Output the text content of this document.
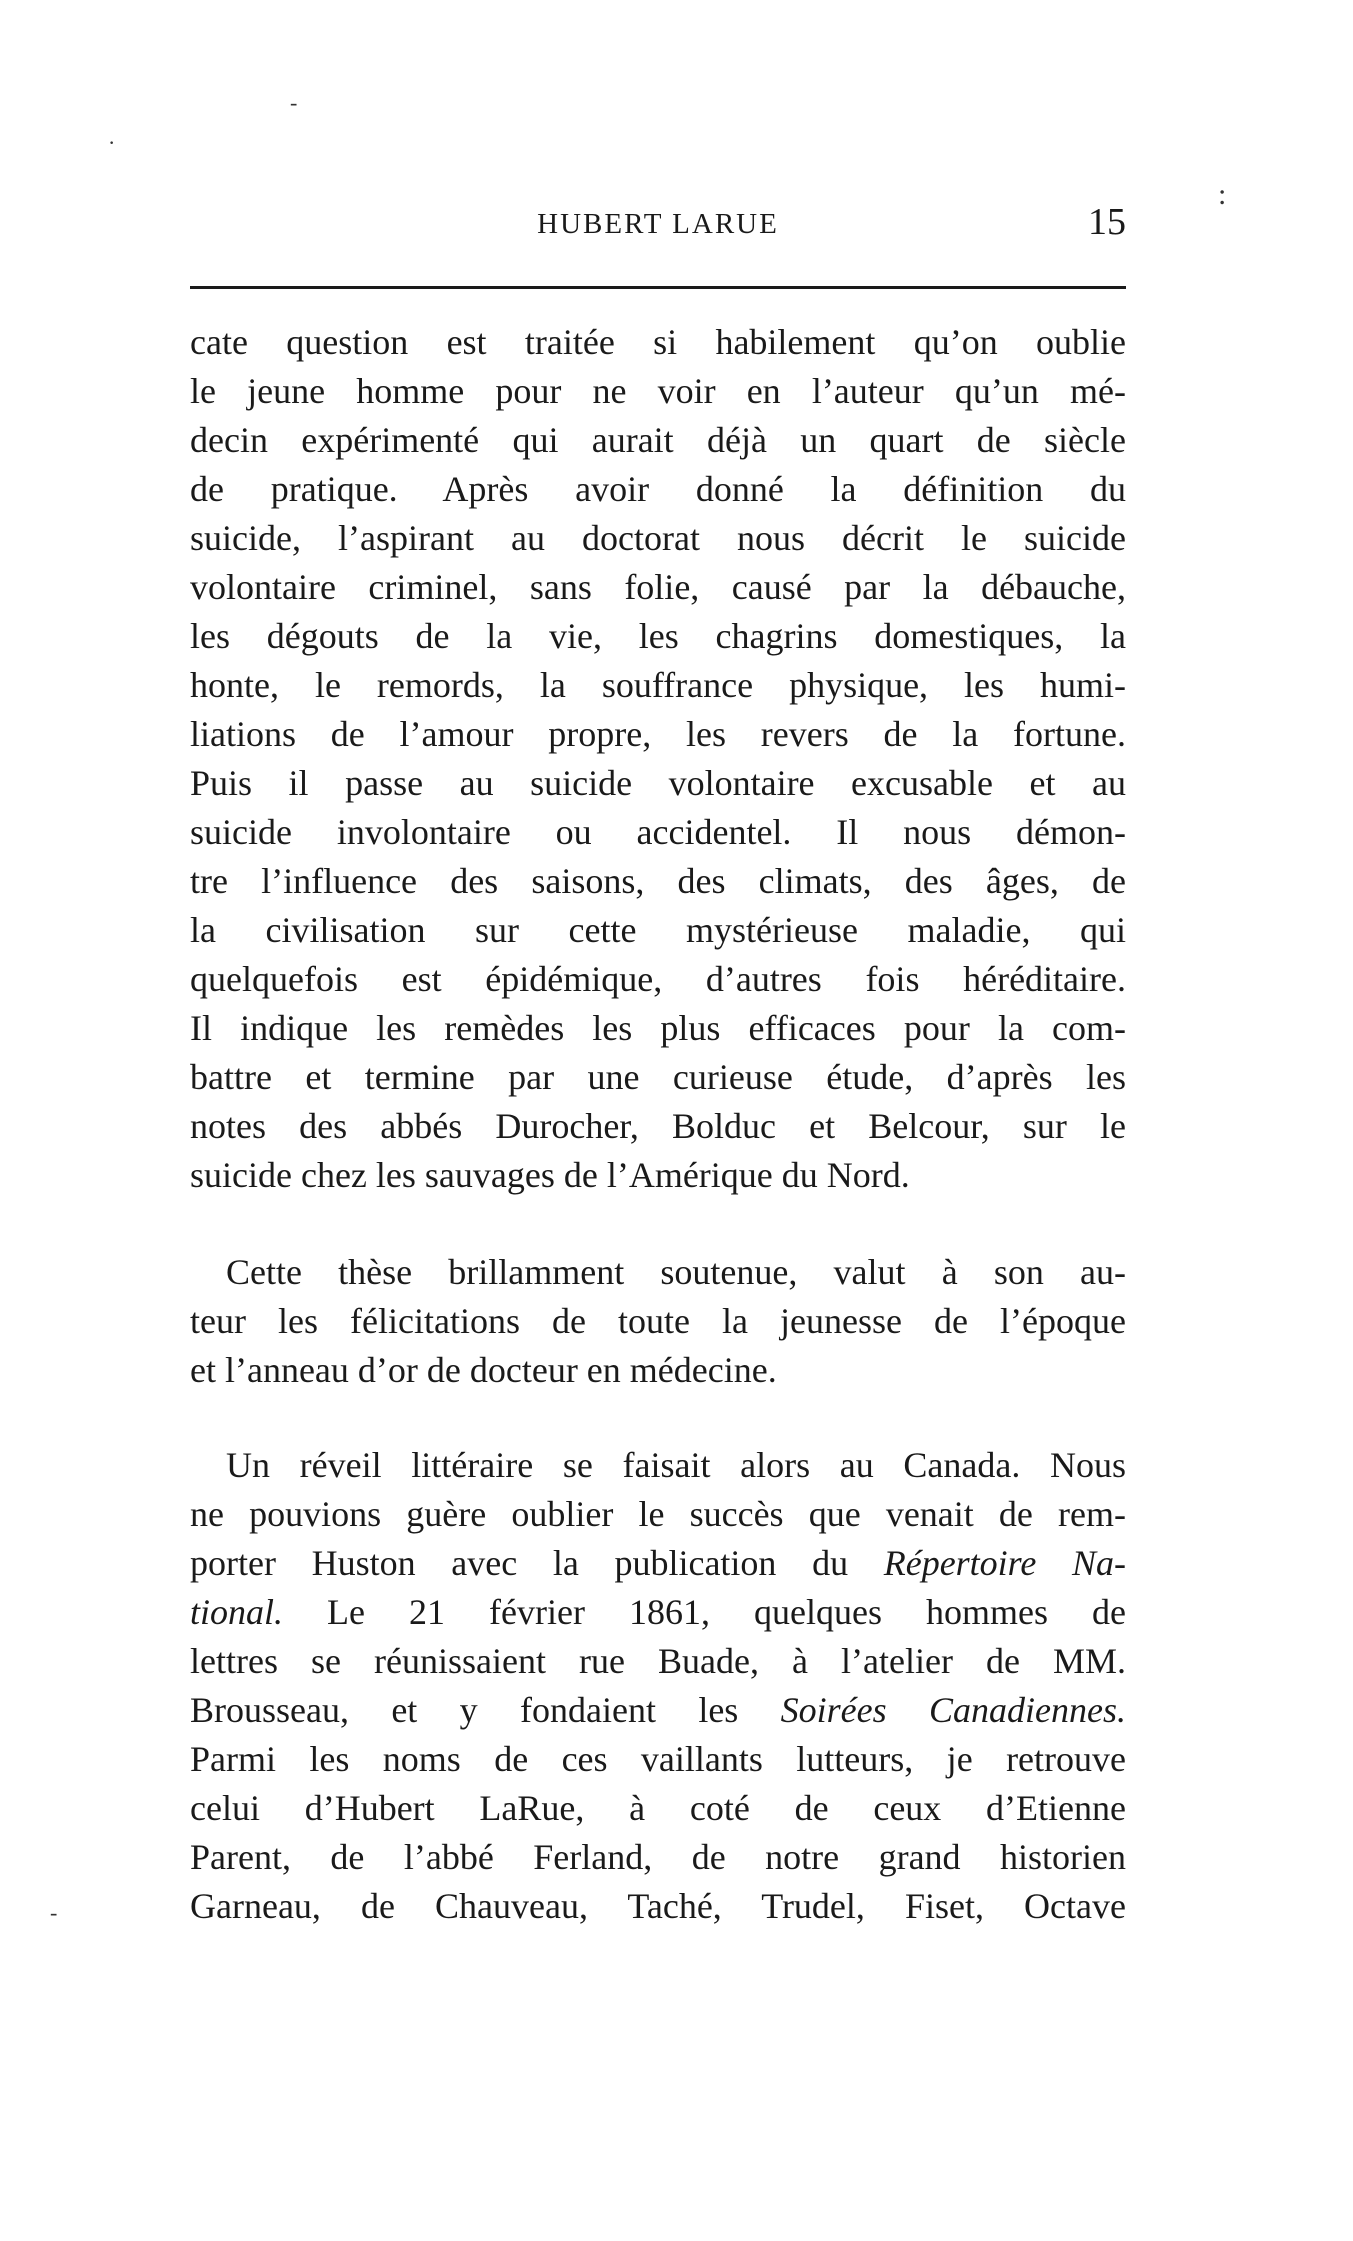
‐
·
:
‐
HUBERT LARUE	15
cate question est traitée si habilement qu’on oublie
le jeune homme pour ne voir en l’auteur qu’un mé-
decin expérimenté qui aurait déjà un quart de siècle
de pratique. Après avoir donné la définition du
suicide, l’aspirant au doctorat nous décrit le suicide
volontaire criminel, sans folie, causé par la débauche,
les dégouts de la vie, les chagrins domestiques, la
honte, le remords, la souffrance physique, les humi-
liations de l’amour propre, les revers de la fortune.
Puis il passe au suicide volontaire excusable et au
suicide involontaire ou accidentel. Il nous démon-
tre l’influence des saisons, des climats, des âges, de
la civilisation sur cette mystérieuse maladie, qui
quelquefois est épidémique, d’autres fois héréditaire.
Il indique les remèdes les plus efficaces pour la com-
battre et termine par une curieuse étude, d’après les
notes des abbés Durocher, Bolduc et Belcour, sur le
suicide chez les sauvages de l’Amérique du Nord.
Cette thèse brillamment soutenue, valut à son au-
teur les félicitations de toute la jeunesse de l’époque
et l’anneau d’or de docteur en médecine.
Un réveil littéraire se faisait alors au Canada. Nous
ne pouvions guère oublier le succès que venait de rem-
porter Huston avec la publication du Répertoire Na-
tional. Le 21 février 1861, quelques hommes de
lettres se réunissaient rue Buade, à l’atelier de MM.
Brousseau, et y fondaient les Soirées Canadiennes.
Parmi les noms de ces vaillants lutteurs, je retrouve
celui d’Hubert LaRue, à coté de ceux d’Etienne
Parent, de l’abbé Ferland, de notre grand historien
Garneau, de Chauveau, Taché, Trudel, Fiset, Octave
